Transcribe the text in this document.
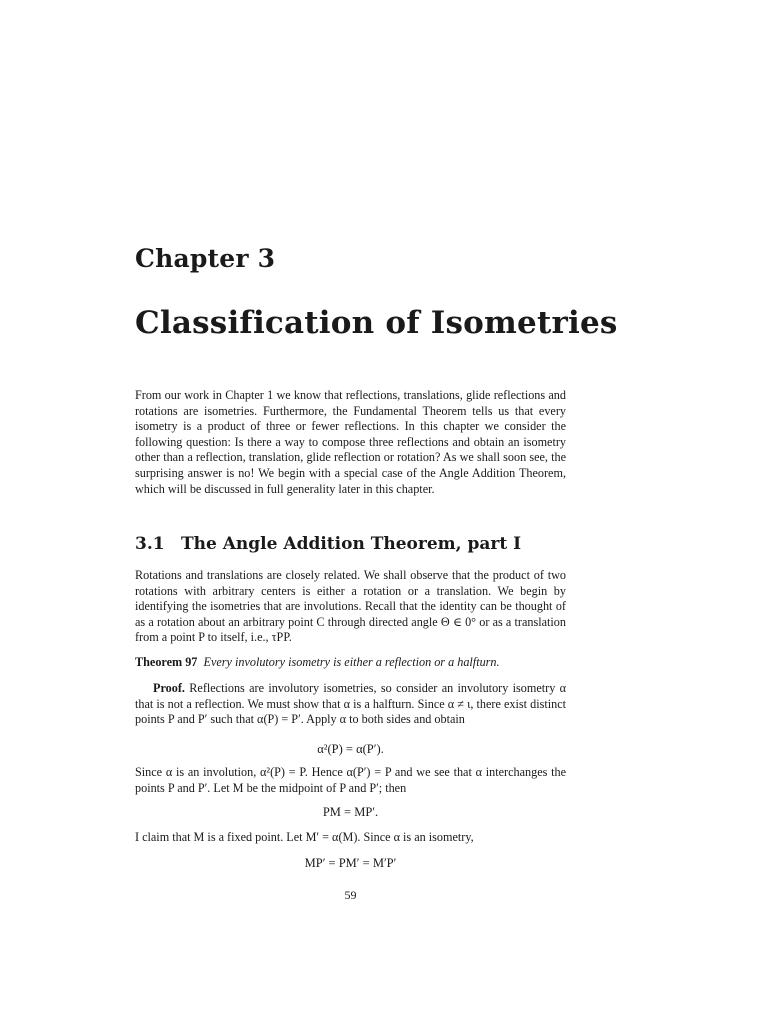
Chapter 3
Classification of Isometries
From our work in Chapter 1 we know that reflections, translations, glide reflections and rotations are isometries. Furthermore, the Fundamental Theorem tells us that every isometry is a product of three or fewer reflections. In this chapter we consider the following question: Is there a way to compose three reflections and obtain an isometry other than a reflection, translation, glide reflection or rotation? As we shall soon see, the surprising answer is no! We begin with a special case of the Angle Addition Theorem, which will be discussed in full generality later in this chapter.
3.1 The Angle Addition Theorem, part I
Rotations and translations are closely related. We shall observe that the product of two rotations with arbitrary centers is either a rotation or a translation. We begin by identifying the isometries that are involutions. Recall that the identity can be thought of as a rotation about an arbitrary point C through directed angle Θ ∈ 0° or as a translation from a point P to itself, i.e., τPP.
Theorem 97 Every involutory isometry is either a reflection or a halfturn.
Proof. Reflections are involutory isometries, so consider an involutory isometry α that is not a reflection. We must show that α is a halfturn. Since α ≠ ι, there exist distinct points P and P′ such that α(P) = P′. Apply α to both sides and obtain
α²(P) = α(P′).
Since α is an involution, α²(P) = P. Hence α(P′) = P and we see that α interchanges the points P and P′. Let M be the midpoint of P and P′; then
PM = MP′.
I claim that M is a fixed point. Let M′ = α(M). Since α is an isometry,
MP′ = PM′ = M′P′
59
